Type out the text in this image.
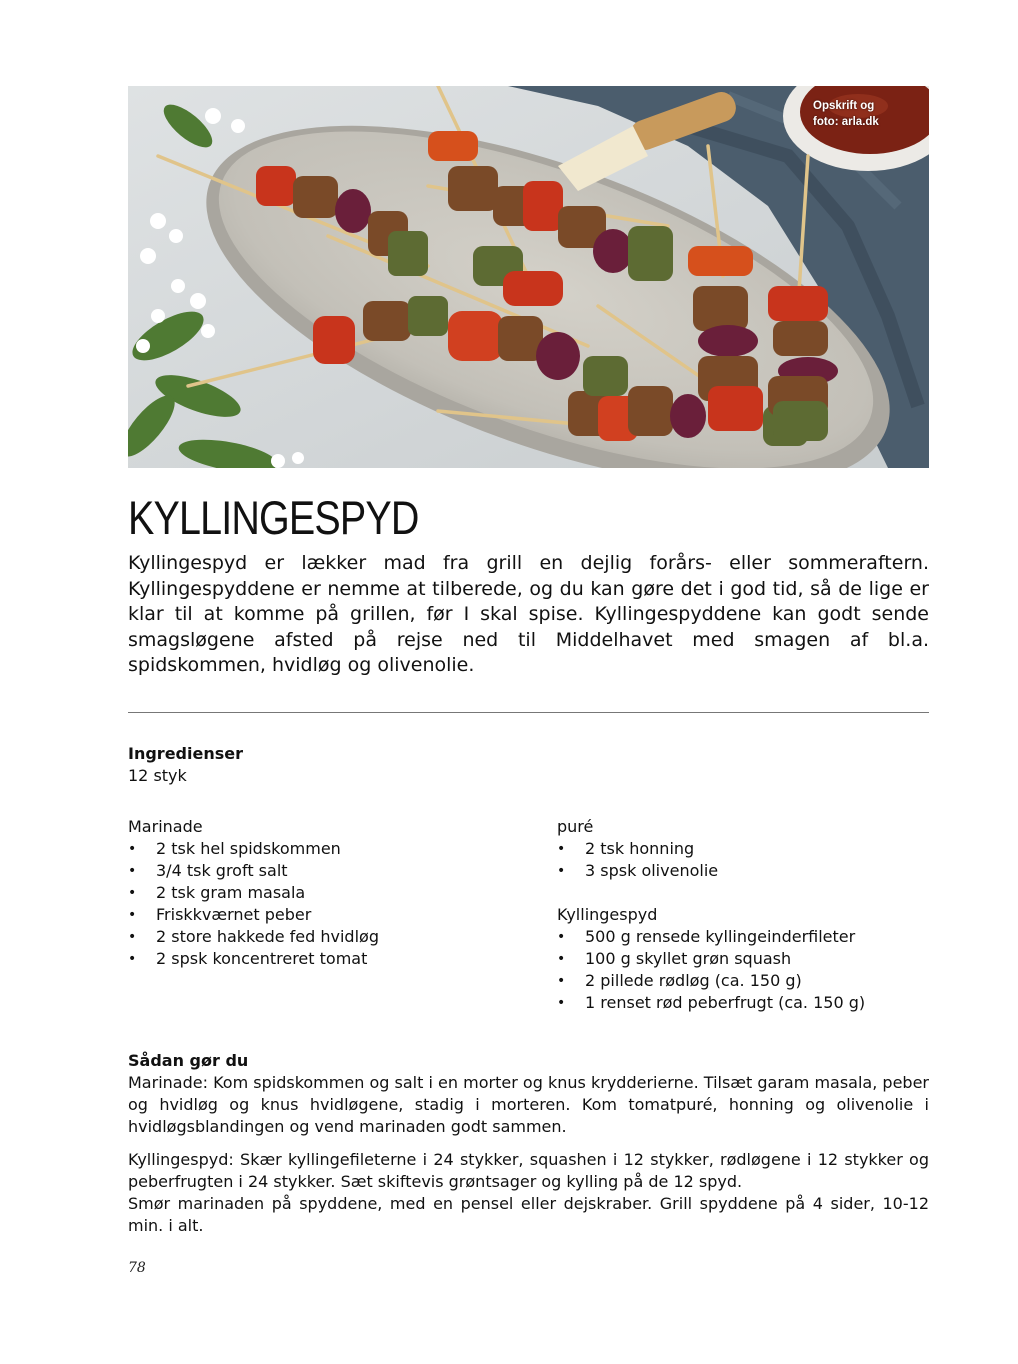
Opskrift og
foto: arla.dk
KYLLINGESPYD

Kyllingespyd er lækker mad fra grill en dejlig forårs- eller sommeraftern. Kyllingespyddene er nemme at tilberede, og du kan gøre det i god tid, så de lige er klar til at komme på grillen, før I skal spise. Kyllingespyddene kan godt sende smagsløgene afsted på rejse ned til Middelhavet med smagen af bl.a. spidskommen, hvidløg og olivenolie.

Ingredienser
12 styk
Marinade
• 2 tsk hel spidskommen
• 3/4 tsk groft salt
• 2 tsk gram masala
• Friskkværnet peber
• 2 store hakkede fed hvidløg
• 2 spsk koncentreret tomat
puré
• 2 tsk honning
• 3 spsk olivenolie
Kyllingespyd
• 500 g rensede kyllingeinderfileter
• 100 g skyllet grøn squash
• 2 pillede rødløg (ca. 150 g)
• 1 renset rød peberfrugt (ca. 150 g)
Sådan gør du

Marinade: Kom spidskommen og salt i en morter og knus krydderierne. Tilsæt garam masala, peber og hvidløg og knus hvidløgene, stadig i morteren. Kom tomatpuré, honning og olivenolie i hvidløgsblandingen og vend marinaden godt sammen.

Kyllingespyd: Skær kyllingefileterne i 24 stykker, squashen i 12 stykker, rødløgene i 12 stykker og peberfrugten i 24 stykker. Sæt skiftevis grøntsager og kylling på de 12 spyd.

Smør marinaden på spyddene, med en pensel eller dejskraber. Grill spyddene på 4 sider, 10-12 min. i alt.

78
